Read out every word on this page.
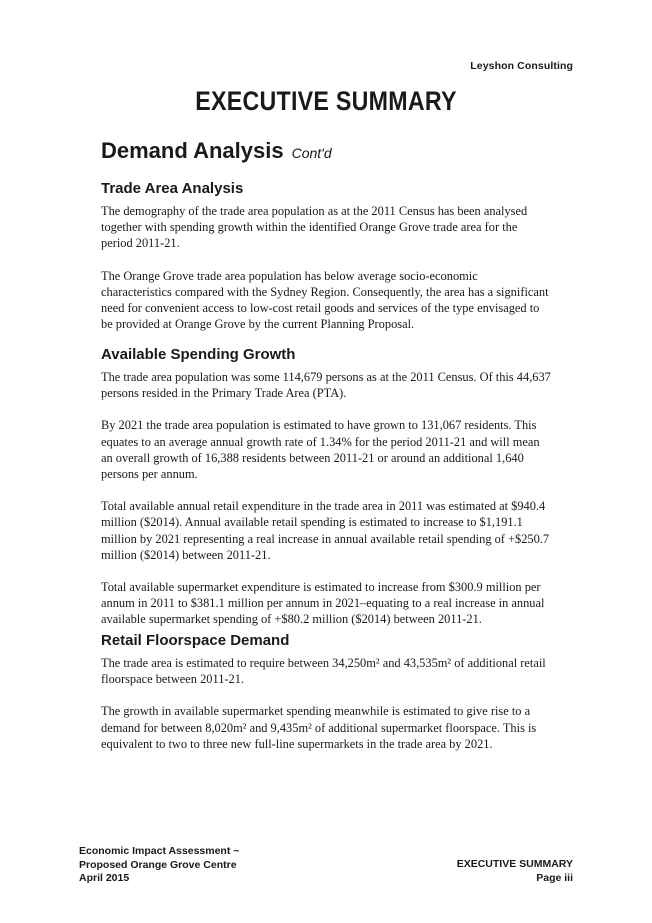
Leyshon Consulting
EXECUTIVE SUMMARY
Demand Analysis Cont'd
Trade Area Analysis

The demography of the trade area population as at the 2011 Census has been analysed together with spending growth within the identified Orange Grove trade area for the period 2011-21.

The Orange Grove trade area population has below average socio-economic characteristics compared with the Sydney Region. Consequently, the area has a significant need for convenient access to low-cost retail goods and services of the type envisaged to be provided at Orange Grove by the current Planning Proposal.

Available Spending Growth

The trade area population was some 114,679 persons as at the 2011 Census. Of this 44,637 persons resided in the Primary Trade Area (PTA).

By 2021 the trade area population is estimated to have grown to 131,067 residents. This equates to an average annual growth rate of 1.34% for the period 2011-21 and will mean an overall growth of 16,388 residents between 2011-21 or around an additional 1,640 persons per annum.

Total available annual retail expenditure in the trade area in 2011 was estimated at $940.4 million ($2014). Annual available retail spending is estimated to increase to $1,191.1 million by 2021 representing a real increase in annual available retail spending of +$250.7 million ($2014) between 2011-21.

Total available supermarket expenditure is estimated to increase from $300.9 million per annum in 2011 to $381.1 million per annum in 2021–equating to a real increase in annual available supermarket spending of +$80.2 million ($2014) between 2011-21.

Retail Floorspace Demand

The trade area is estimated to require between 34,250m² and 43,535m² of additional retail floorspace between 2011-21.

The growth in available supermarket spending meanwhile is estimated to give rise to a demand for between 8,020m² and 9,435m² of additional supermarket floorspace. This is equivalent to two to three new full-line supermarkets in the trade area by 2021.

Economic Impact Assessment ~
Proposed Orange Grove Centre
April 2015
EXECUTIVE SUMMARY
Page iii
